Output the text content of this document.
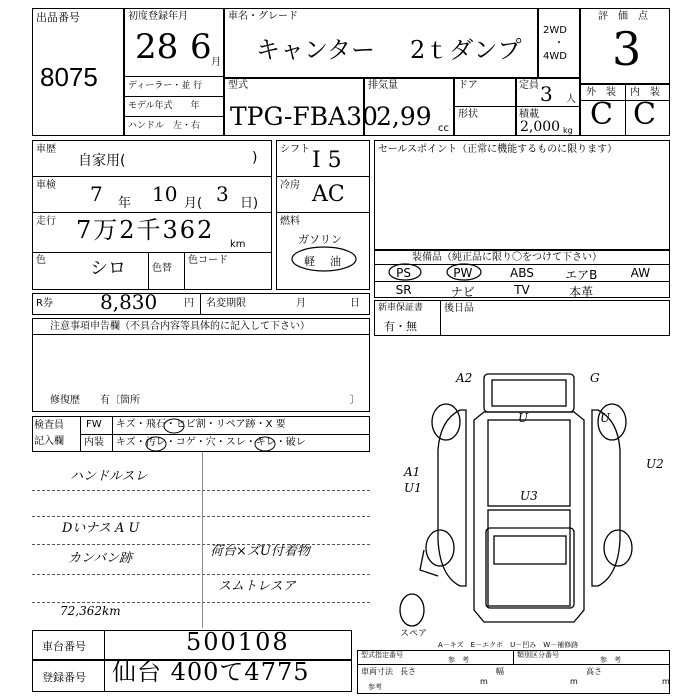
出品番号
8075
初度登録年月
28 6 月
ディーラー・並 行
モデル年式　　年
ハンドル　左・右
車名・グレード
キャンター 2ｔダンプ
2WD
・
4WD
評　価　点
3
型式
TPG-FBA30
排気量
2,99 cc
ドア
形状
定員 3 人
積載
2,000 kg
外　装 内　装
C C
車歴
自家用(	)
車検 7 年 10 月( 3 日)
走行 7万2千362
km
色 シロ	色替
色コード
シフト I 5
冷房 AC
燃料
ガソリン
軽 油
セールスポイント（正常に機能するものに限ります）
装備品（純正品に限り〇をつけて下さい）
PS	PW	ABS	エアB	AW
SR	ナビ	TV	本革
R券 8,830	円 名変期限	月	日 新車保証書
有・無
後日品
注意事項申告欄（不具合内容等具体的に記入して下さい）
修復歴　　有〔箇所	〕
検査員
記入欄
FW キズ・飛石・ヒビ割・リペア跡・X 要
内装 キズ・汚レ・コゲ・穴・スレ・キレ・破レ
ハンドルスレ
Dいナス A U
カンバン跡	荷台×ズU付着物
スムトレスア
72,362km
車台番号	500108
登録番号 仙台 400て4775
A2	G
U	U
A1
U1
U3
U2
スペア
A－キズ　E－エクボ　U－凹み　W－補修跡
型式指定番号
参　考
類別区分番号
参　考
車両寸法 長さ
m
幅
m
高さ
m
参考
